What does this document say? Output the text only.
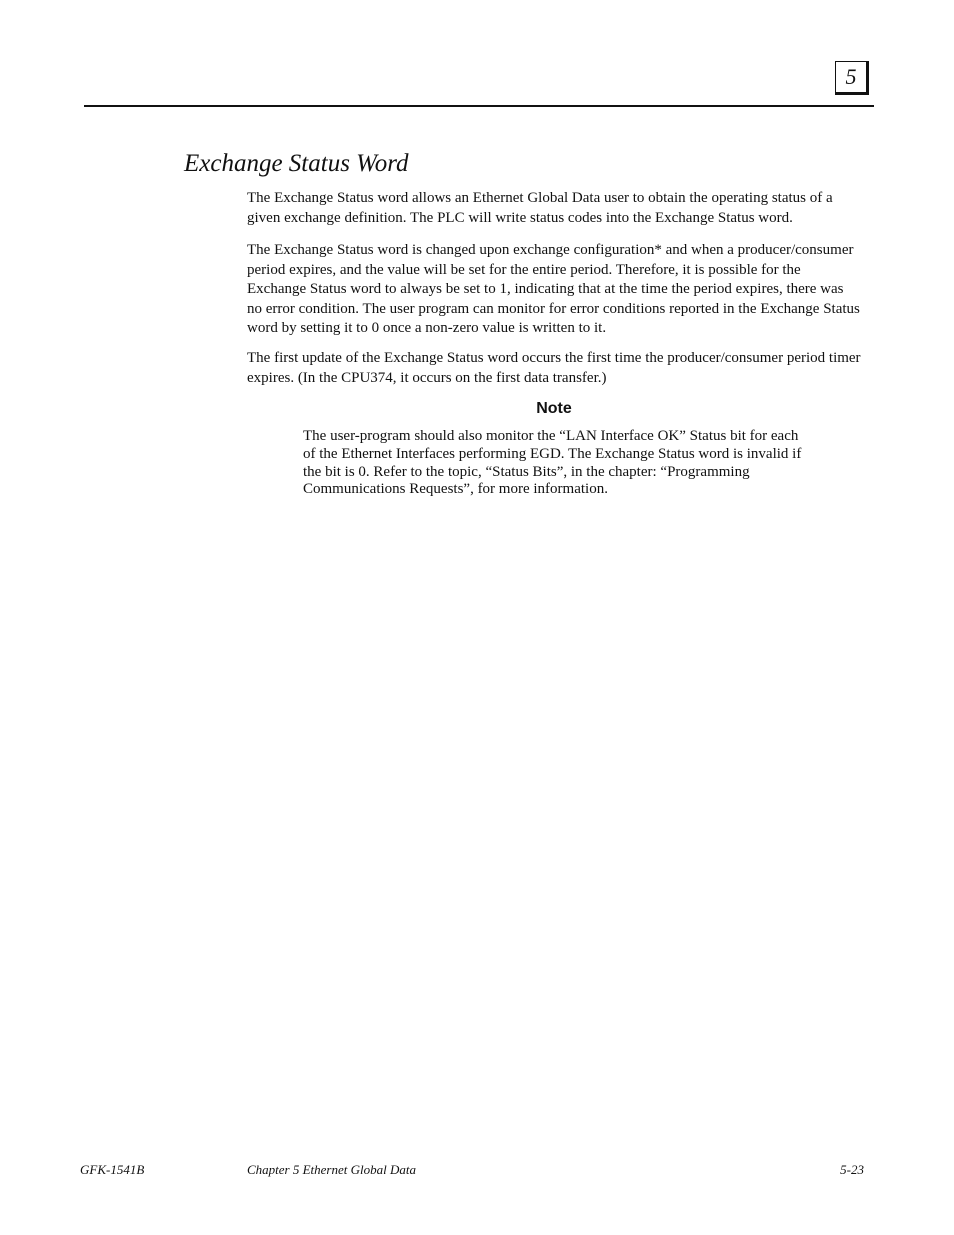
5
Exchange Status Word

The Exchange Status word allows an Ethernet Global Data user to obtain the operating status of a given exchange definition. The PLC will write status codes into the Exchange Status word.

The Exchange Status word is changed upon exchange configuration* and when a producer/consumer period expires, and the value will be set for the entire period. Therefore, it is possible for the Exchange Status word to always be set to 1, indicating that at the time the period expires, there was no error condition. The user program can monitor for error conditions reported in the Exchange Status word by setting it to 0 once a non-zero value is written to it.

The first update of the Exchange Status word occurs the first time the producer/consumer period timer expires. (In the CPU374, it occurs on the first data transfer.)

Note

The user-program should also monitor the “LAN Interface OK” Status bit for each of the Ethernet Interfaces performing EGD. The Exchange Status word is invalid if the bit is 0. Refer to the topic, “Status Bits”, in the chapter: “Programming Communications Requests”, for more information.

GFK-1541B	Chapter 5 Ethernet Global Data	5-23
